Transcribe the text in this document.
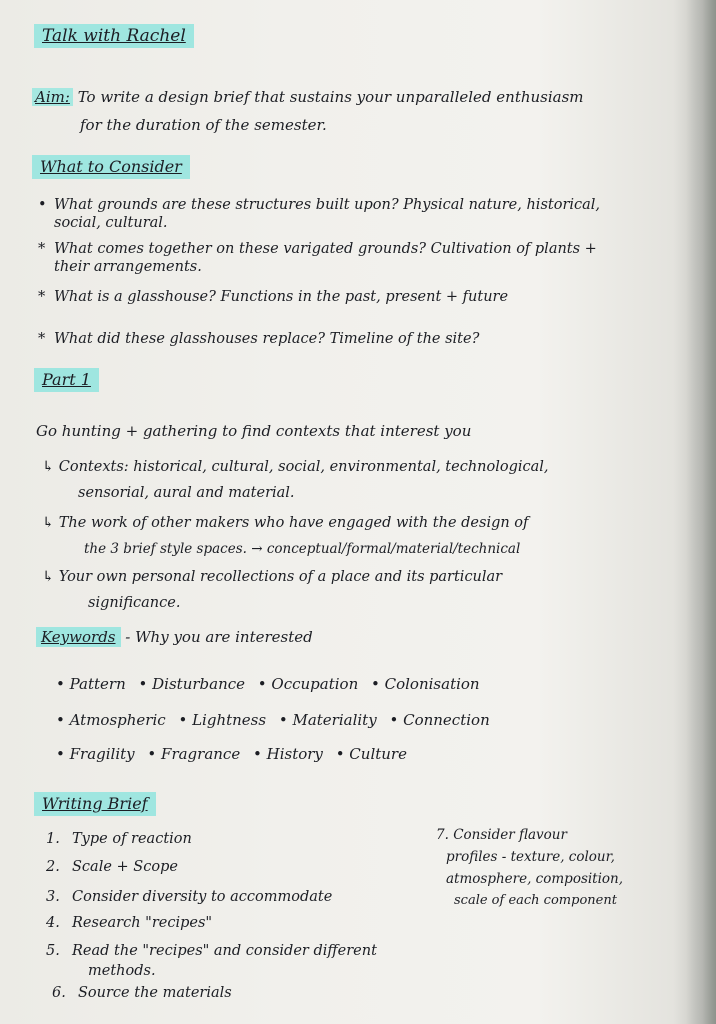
Talk with Rachel
Aim: To write a design brief that sustains your unparalleled enthusiasm
for the duration of the semester.
What to Consider
• What grounds are these structures built upon? Physical nature, historical,
social, cultural.
* What comes together on these varigated grounds? Cultivation of plants +
their arrangements.
* What is a glasshouse? Functions in the past, present + future
* What did these glasshouses replace? Timeline of the site?
Part 1
Go hunting + gathering to find contexts that interest you
↳ Contexts: historical, cultural, social, environmental, technological,
sensorial, aural and material.
↳ The work of other makers who have engaged with the design of
the 3 brief style spaces. → conceptual/formal/material/technical
↳ Your own personal recollections of a place and its particular
significance.
Keywords - Why you are interested
• Pattern • Disturbance • Occupation • Colonisation
• Atmospheric • Lightness • Materiality • Connection
• Fragility • Fragrance • History • Culture
Writing Brief
1. Type of reaction
2. Scale + Scope
3. Consider diversity to accommodate
4. Research "recipes"
5. Read the "recipes" and consider different
methods.
6. Source the materials
7. Consider flavour
profiles - texture, colour,
atmosphere, composition,
scale of each component
